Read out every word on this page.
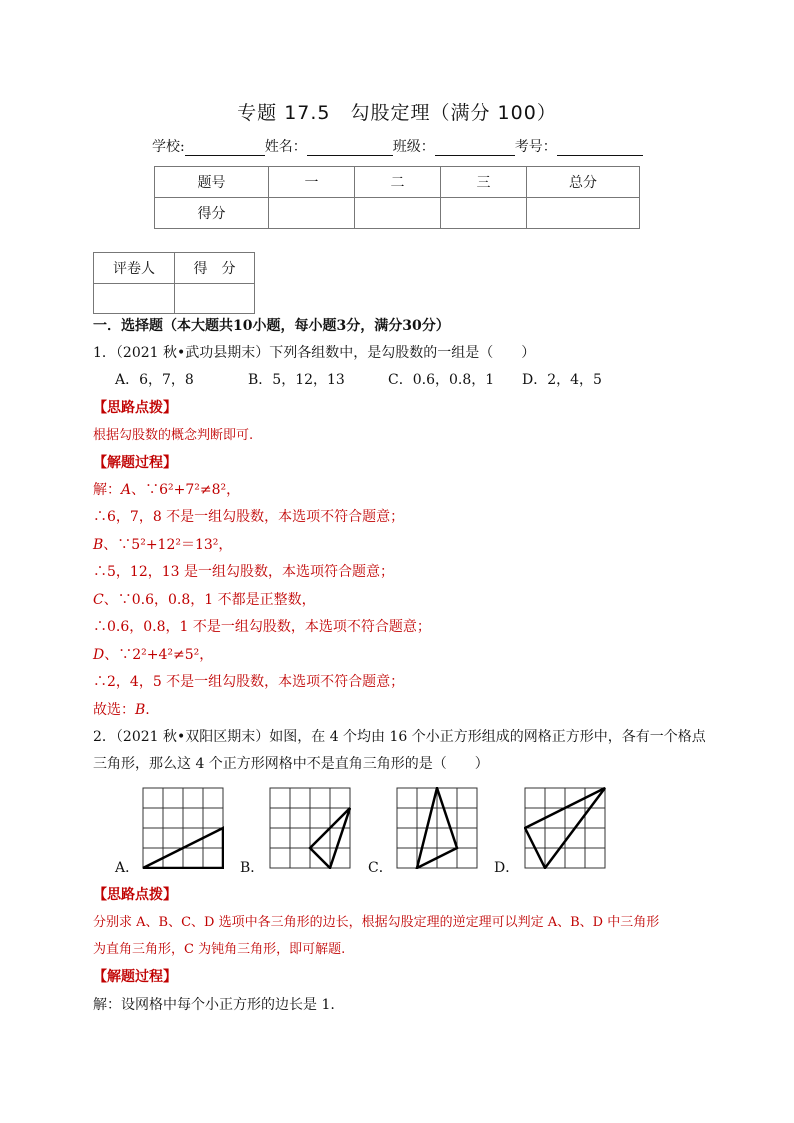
专题 17.5　勾股定理（满分 100）
学校:	姓名：	班级：	考号：
题号	一	二	三	总分
得分				
评卷人	得　分

一．选择题（本大题共10小题，每小题3分，满分30分）
1．（2021 秋•武功县期末）下列各组数中，是勾股数的一组是（　　）
A．6，7，8	B．5，12，13	C．0.6，0.8，1 D．2，4，5
【思路点拨】
根据勾股数的概念判断即可.
【解题过程】
解：A、∵6²+7²≠8²，
∴6，7，8 不是一组勾股数，本选项不符合题意；
B、∵5²+12²＝13²，
∴5，12，13 是一组勾股数，本选项符合题意；
C、∵0.6，0.8，1 不都是正整数，
∴0.6，0.8，1 不是一组勾股数，本选项不符合题意；
D、∵2²+4²≠5²，
∴2，4，5 不是一组勾股数，本选项不符合题意；
故选：B.
2．（2021 秋•双阳区期末）如图，在 4 个均由 16 个小正方形组成的网格正方形中，各有一个格点
三角形，那么这 4 个正方形网格中不是直角三角形的是（　　）
A．	B．	C．	D．
【思路点拨】
分别求 A、B、C、D 选项中各三角形的边长，根据勾股定理的逆定理可以判定 A、B、D 中三角形
为直角三角形，C 为钝角三角形，即可解题.
【解题过程】
解：设网格中每个小正方形的边长是 1.
